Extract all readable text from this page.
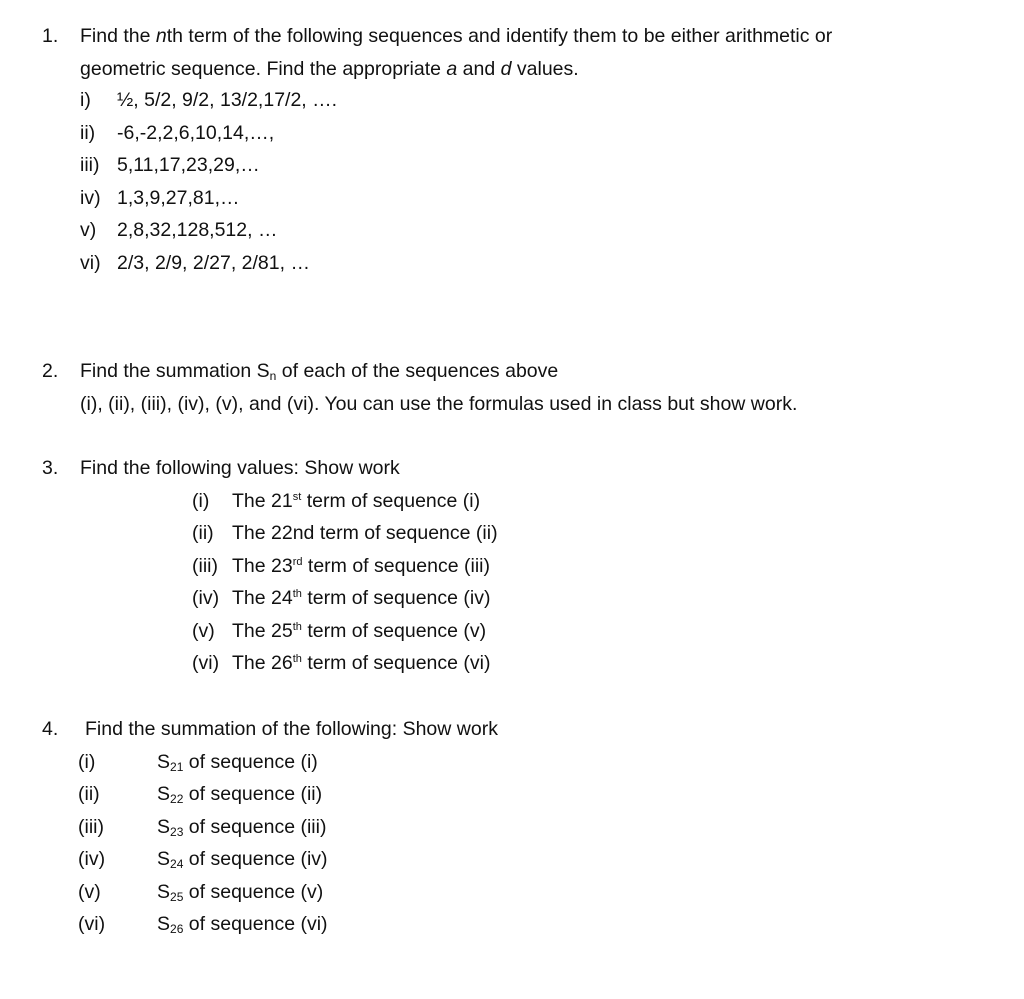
1. Find the nth term of the following sequences and identify them to be either arithmetic or
geometric sequence. Find the appropriate a and d values.
i) ½, 5/2, 9/2, 13/2,17/2, ….
ii) -6,-2,2,6,10,14,…,
iii) 5,11,17,23,29,…
iv) 1,3,9,27,81,…
v) 2,8,32,128,512, …
vi) 2/3, 2/9, 2/27, 2/81, …
2. Find the summation $S_n$ of each of the sequences above
(i), (ii), (iii), (iv), (v), and (vi). You can use the formulas used in class but show work.
3. Find the following values: Show work
(i) The 21st term of sequence (i)
(ii) The 22nd term of sequence (ii)
(iii) The 23rd term of sequence (iii)
(iv) The 24th term of sequence (iv)
(v) The 25th term of sequence (v)
(vi) The 26th term of sequence (vi)
4. Find the summation of the following: Show work
(i)	$S_{21}$ of sequence (i)
(ii)	$S_{22}$ of sequence (ii)
(iii)	$S_{23}$ of sequence (iii)
(iv)	$S_{24}$ of sequence (iv)
(v)	$S_{25}$ of sequence (v)
(vi)	$S_{26}$ of sequence (vi)
